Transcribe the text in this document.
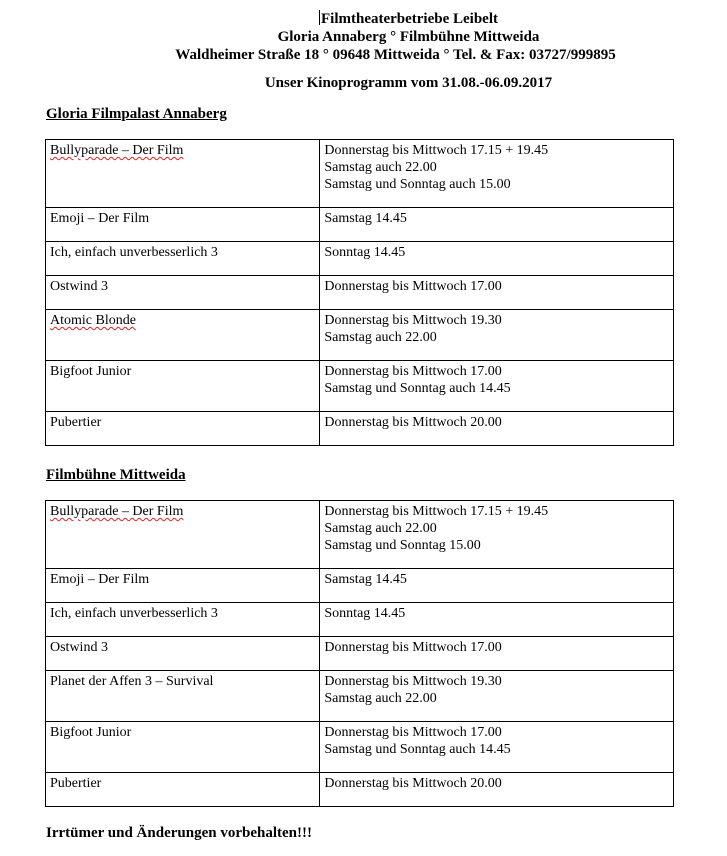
Filmtheaterbetriebe Leibelt
Gloria Annaberg ° Filmbühne Mittweida
Waldheimer Straße 18 ° 09648 Mittweida ° Tel. & Fax: 03727/999895
Unser Kinoprogramm vom 31.08.-06.09.2017
Gloria Filmpalast Annaberg
Bullyparade – Der Film	Donnerstag bis Mittwoch 17.15 + 19.45
Samstag auch 22.00
Samstag und Sonntag auch 15.00

Emoji – Der Film	Samstag 14.45

Ich, einfach unverbesserlich 3	Sonntag 14.45

Ostwind 3	Donnerstag bis Mittwoch 17.00

Atomic Blonde	Donnerstag bis Mittwoch 19.30
Samstag auch 22.00

Bigfoot Junior	Donnerstag bis Mittwoch 17.00
Samstag und Sonntag auch 14.45

Pubertier	Donnerstag bis Mittwoch 20.00
Filmbühne Mittweida
Bullyparade – Der Film	Donnerstag bis Mittwoch 17.15 + 19.45
Samstag auch 22.00
Samstag und Sonntag 15.00

Emoji – Der Film	Samstag 14.45

Ich, einfach unverbesserlich 3	Sonntag 14.45

Ostwind 3	Donnerstag bis Mittwoch 17.00

Planet der Affen 3 – Survival	Donnerstag bis Mittwoch 19.30
Samstag auch 22.00

Bigfoot Junior	Donnerstag bis Mittwoch 17.00
Samstag und Sonntag auch 14.45

Pubertier	Donnerstag bis Mittwoch 20.00
Irrtümer und Änderungen vorbehalten!!!
